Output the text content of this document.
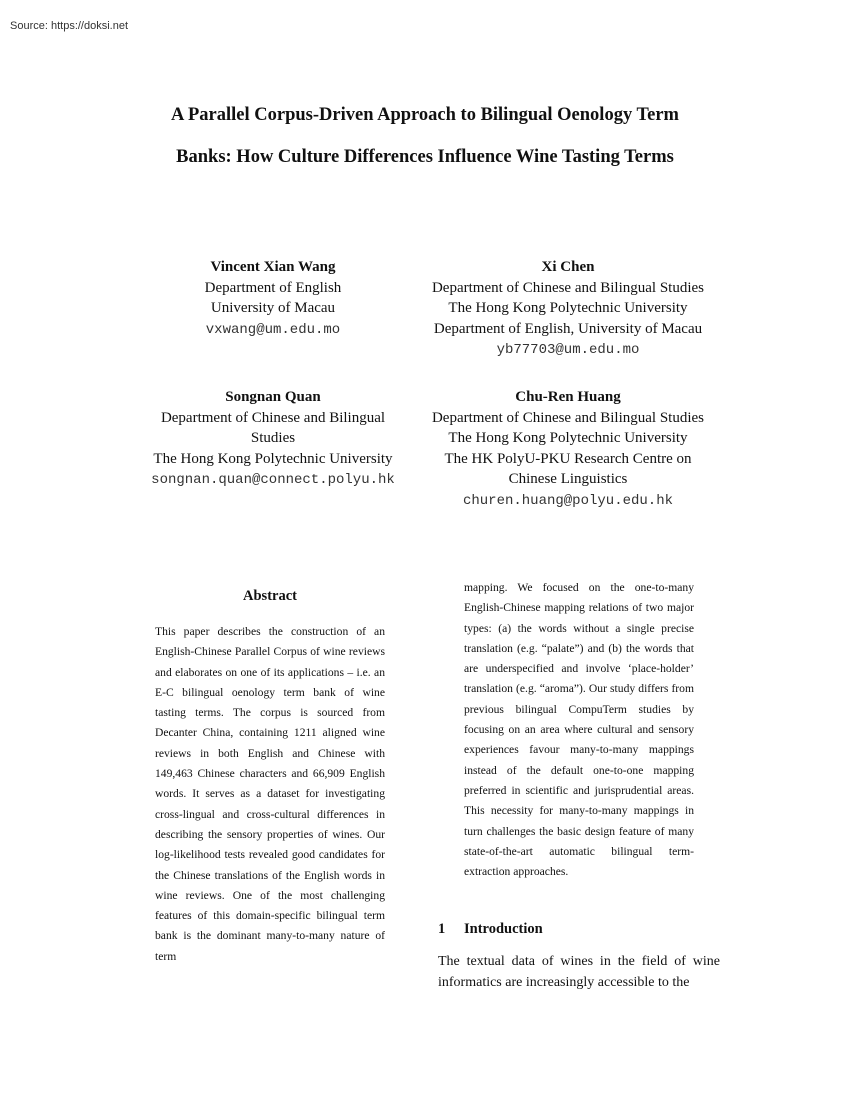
Source: https://doksi.net
A Parallel Corpus-Driven Approach to Bilingual Oenology Term
Banks: How Culture Differences Influence Wine Tasting Terms
Vincent Xian Wang
Department of English
University of Macau
vxwang@um.edu.mo
Xi Chen
Department of Chinese and Bilingual Studies
The Hong Kong Polytechnic University
Department of English, University of Macau
yb77703@um.edu.mo
Songnan Quan
Department of Chinese and Bilingual
Studies
The Hong Kong Polytechnic University
songnan.quan@connect.polyu.hk
Chu-Ren Huang
Department of Chinese and Bilingual Studies
The Hong Kong Polytechnic University
The HK PolyU-PKU Research Centre on
Chinese Linguistics
churen.huang@polyu.edu.hk
Abstract

This paper describes the construction of an English-Chinese Parallel Corpus of wine reviews and elaborates on one of its applications – i.e. an E-C bilingual oenology term bank of wine tasting terms. The corpus is sourced from Decanter China, containing 1211 aligned wine reviews in both English and Chinese with 149,463 Chinese characters and 66,909 English words. It serves as a dataset for investigating cross-lingual and cross-cultural differences in describing the sensory properties of wines. Our log-likelihood tests revealed good candidates for the Chinese translations of the English words in wine reviews. One of the most challenging features of this domain-specific bilingual term bank is the dominant many-to-many nature of term

mapping. We focused on the one-to-many English-Chinese mapping relations of two major types: (a) the words without a single precise translation (e.g. “palate”) and (b) the words that are underspecified and involve ‘place-holder’ translation (e.g. “aroma”). Our study differs from previous bilingual CompuTerm studies by focusing on an area where cultural and sensory experiences favour many-to-many mappings instead of the default one-to-one mapping preferred in scientific and jurisprudential areas. This necessity for many-to-many mappings in turn challenges the basic design feature of many state-of-the-art automatic bilingual term-extraction approaches.

1 Introduction

The textual data of wines in the field of wine informatics are increasingly accessible to the
